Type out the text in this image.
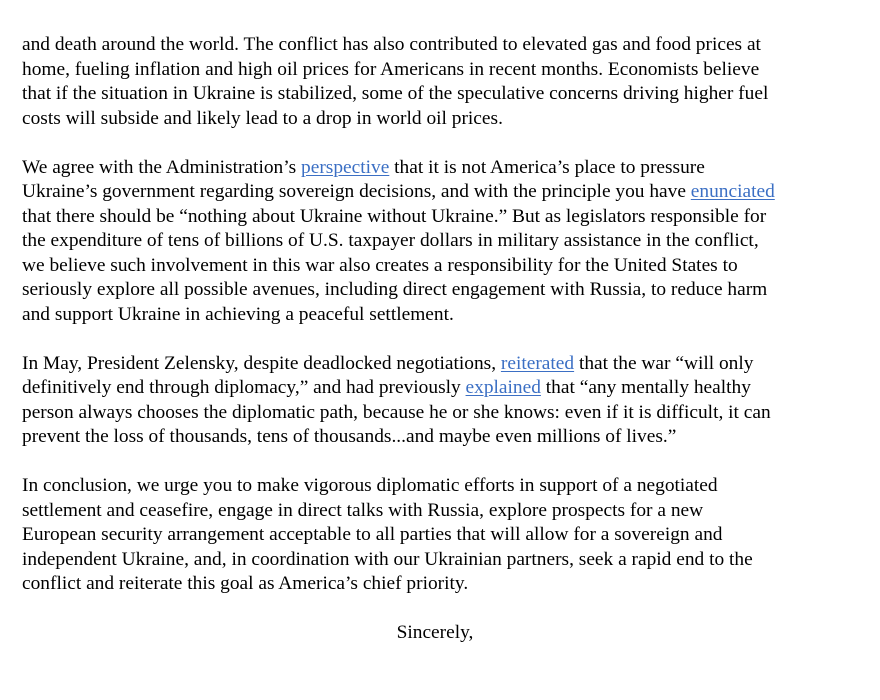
and death around the world. The conflict has also contributed to elevated gas and food prices at
home, fueling inflation and high oil prices for Americans in recent months. Economists believe
that if the situation in Ukraine is stabilized, some of the speculative concerns driving higher fuel
costs will subside and likely lead to a drop in world oil prices.
We agree with the Administration’s perspective that it is not America’s place to pressure
Ukraine’s government regarding sovereign decisions, and with the principle you have enunciated
that there should be “nothing about Ukraine without Ukraine.” But as legislators responsible for
the expenditure of tens of billions of U.S. taxpayer dollars in military assistance in the conflict,
we believe such involvement in this war also creates a responsibility for the United States to
seriously explore all possible avenues, including direct engagement with Russia, to reduce harm
and support Ukraine in achieving a peaceful settlement.
In May, President Zelensky, despite deadlocked negotiations, reiterated that the war “will only
definitively end through diplomacy,” and had previously explained that “any mentally healthy
person always chooses the diplomatic path, because he or she knows: even if it is difficult, it can
prevent the loss of thousands, tens of thousands...and maybe even millions of lives.”
In conclusion, we urge you to make vigorous diplomatic efforts in support of a negotiated
settlement and ceasefire, engage in direct talks with Russia, explore prospects for a new
European security arrangement acceptable to all parties that will allow for a sovereign and
independent Ukraine, and, in coordination with our Ukrainian partners, seek a rapid end to the
conflict and reiterate this goal as America’s chief priority.
Sincerely,
